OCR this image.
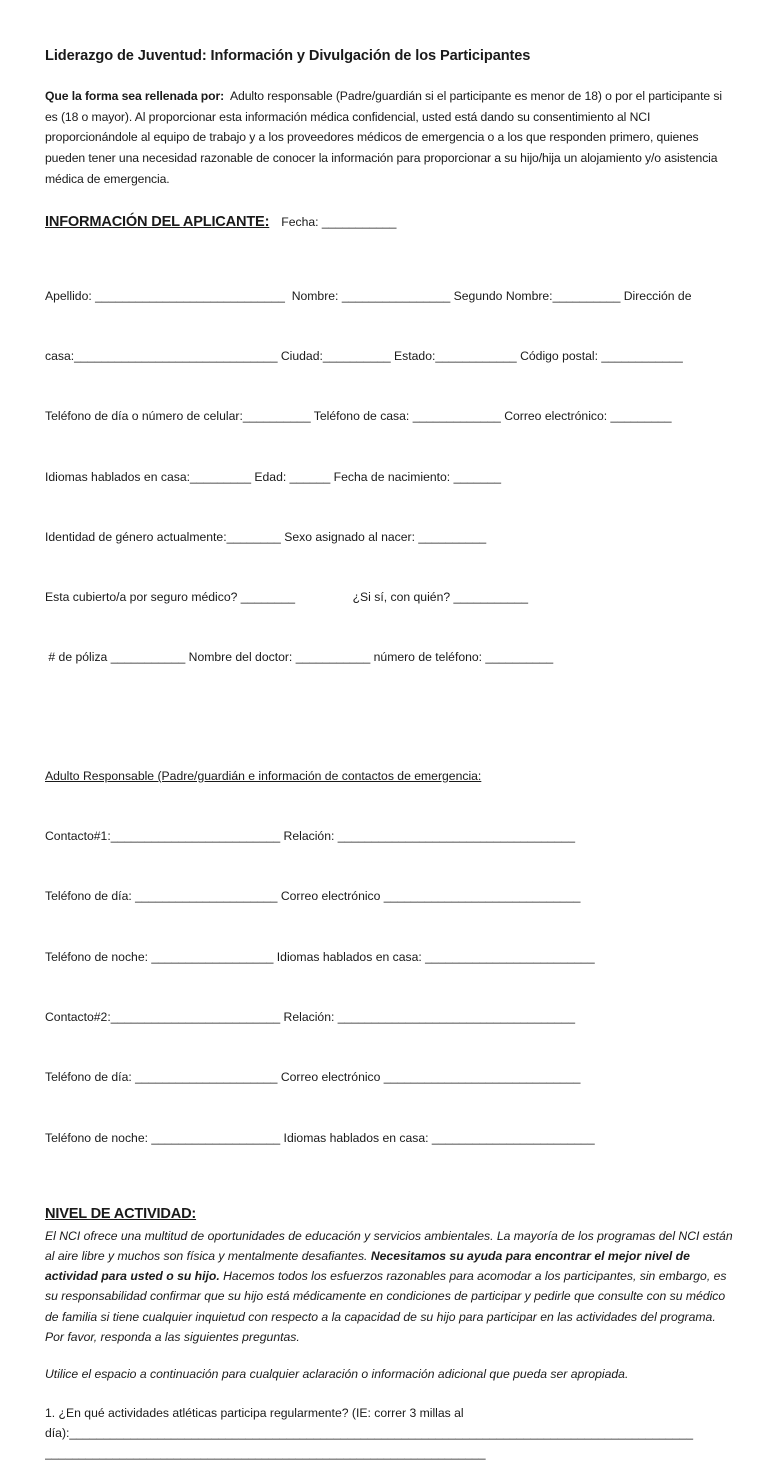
Liderazgo de Juventud: Información y Divulgación de los Participantes
Que la forma sea rellenada por: Adulto responsable (Padre/guardián si el participante es menor de 18) o por el participante si es (18 o mayor). Al proporcionar esta información médica confidencial, usted está dando su consentimiento al NCI proporcionándole al equipo de trabajo y a los proveedores médicos de emergencia o a los que responden primero, quienes pueden tener una necesidad razonable de conocer la información para proporcionar a su hijo/hija un alojamiento y/o asistencia médica de emergencia.
INFORMACIÓN DEL APLICANTE: Fecha: ___________

Apellido: ____________________________  Nombre: ________________ Segundo Nombre:__________ Dirección de

casa:______________________________ Ciudad:__________ Estado:____________ Código postal: ____________

Teléfono de día o número de celular:__________ Teléfono de casa: _____________ Correo electrónico: _________

Idiomas hablados en casa:_________ Edad: ______ Fecha de nacimiento: _______

Identidad de género actualmente:________ Sexo asignado al nacer: __________

Esta cubierto/a por seguro médico? ________                 ¿Si sí, con quién? ___________

# de póliza ___________ Nombre del doctor: ___________ número de teléfono: __________

Adulto Responsable (Padre/guardián e información de contactos de emergencia:

Contacto#1:_________________________ Relación: ___________________________________

Teléfono de día: _____________________ Correo electrónico _____________________________

Teléfono de noche: __________________ Idiomas hablados en casa: _________________________

Contacto#2:_________________________ Relación: ___________________________________

Teléfono de día: _____________________ Correo electrónico _____________________________

Teléfono de noche: ___________________ Idiomas hablados en casa: ________________________

NIVEL DE ACTIVIDAD:
El NCI ofrece una multitud de oportunidades de educación y servicios ambientales. La mayoría de los programas del NCI están al aire libre y muchos son física y mentalmente desafiantes. Necesitamos su ayuda para encontrar el mejor nivel de actividad para usted o su hijo. Hacemos todos los esfuerzos razonables para acomodar a los participantes, sin embargo, es su responsabilidad confirmar que su hijo está médicamente en condiciones de participar y pedirle que consulte con su médico de familia si tiene cualquier inquietud con respecto a la capacidad de su hijo para participar en las actividades del programa. Por favor, responda a las siguientes preguntas.
Utilice el espacio a continuación para cualquier aclaración o información adicional que pueda ser apropiada.
1. ¿En qué actividades atléticas participa regularmente? (IE: correr 3 millas al
día):____________________________________________________________________________________________
_________________________________________________________________
